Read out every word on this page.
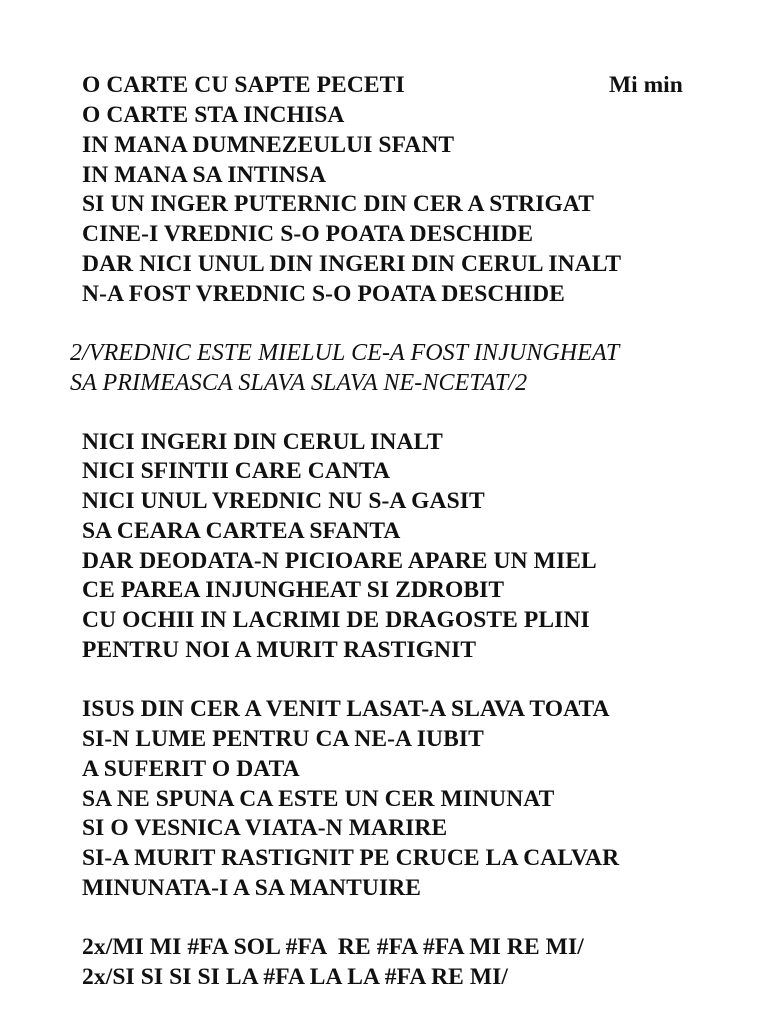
Mi min
O CARTE CU SAPTE PECETI
O CARTE STA INCHISA
IN MANA DUMNEZEULUI SFANT
IN MANA SA INTINSA
SI UN INGER PUTERNIC DIN CER A STRIGAT
CINE-I VREDNIC S-O POATA DESCHIDE
DAR NICI UNUL DIN INGERI DIN CERUL INALT
N-A FOST VREDNIC S-O POATA DESCHIDE
2/VREDNIC ESTE MIELUL CE-A FOST INJUNGHEAT
SA PRIMEASCA SLAVA SLAVA NE-NCETAT/2
NICI INGERI DIN CERUL INALT
NICI SFINTII CARE CANTA
NICI UNUL VREDNIC NU S-A GASIT
SA CEARA CARTEA SFANTA
DAR DEODATA-N PICIOARE APARE UN MIEL
CE PAREA INJUNGHEAT SI ZDROBIT
CU OCHII IN LACRIMI DE DRAGOSTE PLINI
PENTRU NOI A MURIT RASTIGNIT
ISUS DIN CER A VENIT LASAT-A SLAVA TOATA
SI-N LUME PENTRU CA NE-A IUBIT
A SUFERIT O DATA
SA NE SPUNA CA ESTE UN CER MINUNAT
SI O VESNICA VIATA-N MARIRE
SI-A MURIT RASTIGNIT PE CRUCE LA CALVAR
MINUNATA-I A SA MANTUIRE
2x/MI MI #FA SOL #FA  RE #FA #FA MI RE MI/
2x/SI SI SI SI LA #FA LA LA #FA RE MI/
